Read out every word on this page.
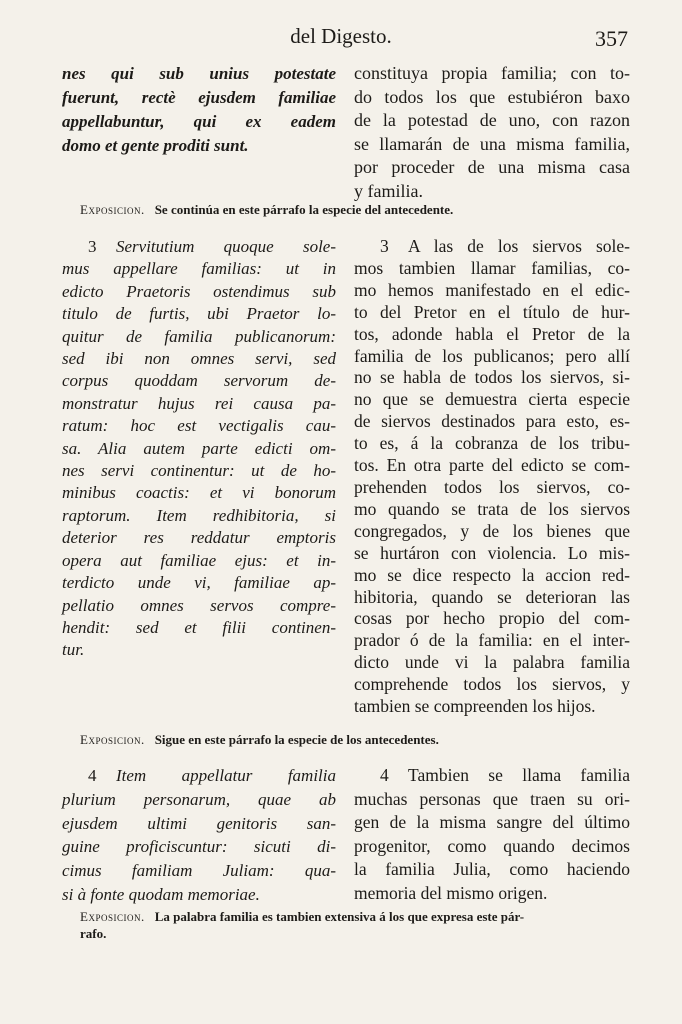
del Digesto.	357
nes qui sub unius potestate
fuerunt, rectè ejusdem familiae
appellabuntur, qui ex eadem
domo et gente proditi sunt.
constituya propia familia; con to-
do todos los que estubiéron baxo
de la potestad de uno, con razon
se llamarán de una misma familia,
por proceder de una misma casa
y familia.
Exposicion. Se continúa en este párrafo la especie del antecedente.
3 Servitutium quoque sole-
mus appellare familias: ut in
edicto Praetoris ostendimus sub
titulo de furtis, ubi Praetor lo-
quitur de familia publicanorum:
sed ibi non omnes servi, sed
corpus quoddam servorum de-
monstratur hujus rei causa pa-
ratum: hoc est vectigalis cau-
sa. Alia autem parte edicti om-
nes servi continentur: ut de ho-
minibus coactis: et vi bonorum
raptorum. Item redhibitoria, si
deterior res reddatur emptoris
opera aut familiae ejus: et in-
terdicto unde vi, familiae ap-
pellatio omnes servos compre-
hendit: sed et filii continen-
tur.
3 A las de los siervos sole-
mos tambien llamar familias, co-
mo hemos manifestado en el edic-
to del Pretor en el título de hur-
tos, adonde habla el Pretor de la
familia de los publicanos; pero allí
no se habla de todos los siervos, si-
no que se demuestra cierta especie
de siervos destinados para esto, es-
to es, á la cobranza de los tribu-
tos. En otra parte del edicto se com-
prehenden todos los siervos, co-
mo quando se trata de los siervos
congregados, y de los bienes que
se hurtáron con violencia. Lo mis-
mo se dice respecto la accion red-
hibitoria, quando se deterioran las
cosas por hecho propio del com-
prador ó de la familia: en el inter-
dicto unde vi la palabra familia
comprehende todos los siervos, y
tambien se compreenden los hijos.
Exposicion. Sigue en este párrafo la especie de los antecedentes.
4 Item appellatur familia
plurium personarum, quae ab
ejusdem ultimi genitoris san-
guine proficiscuntur: sicuti di-
cimus familiam Juliam: qua-
si à fonte quodam memoriae.
4 Tambien se llama familia
muchas personas que traen su ori-
gen de la misma sangre del último
progenitor, como quando decimos
la familia Julia, como haciendo
memoria del mismo origen.
Exposicion. La palabra familia es tambien extensiva á los que expresa este pár-
rafo.
